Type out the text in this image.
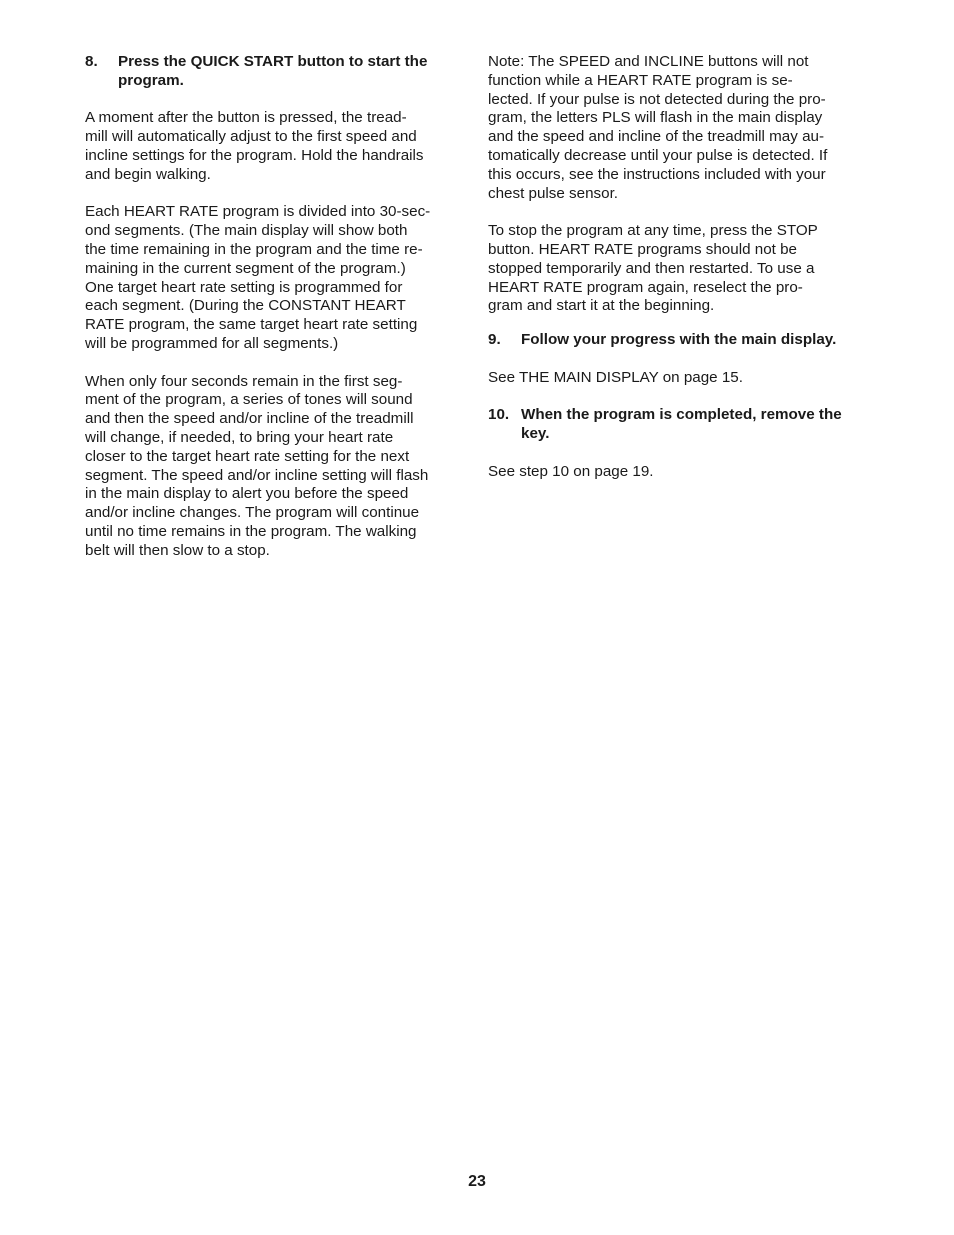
8.	Press the QUICK START button to start the
program.
A moment after the button is pressed, the tread-
mill will automatically adjust to the first speed and
incline settings for the program. Hold the handrails
and begin walking.
Each HEART RATE program is divided into 30-sec-
ond segments. (The main display will show both
the time remaining in the program and the time re-
maining in the current segment of the program.)
One target heart rate setting is programmed for
each segment. (During the CONSTANT HEART
RATE program, the same target heart rate setting
will be programmed for all segments.)
When only four seconds remain in the first seg-
ment of the program, a series of tones will sound
and then the speed and/or incline of the treadmill
will change, if needed, to bring your heart rate
closer to the target heart rate setting for the next
segment. The speed and/or incline setting will flash
in the main display to alert you before the speed
and/or incline changes. The program will continue
until no time remains in the program. The walking
belt will then slow to a stop.
Note: The SPEED and INCLINE buttons will not
function while a HEART RATE program is se-
lected. If your pulse is not detected during the pro-
gram, the letters PLS will flash in the main display
and the speed and incline of the treadmill may au-
tomatically decrease until your pulse is detected. If
this occurs, see the instructions included with your
chest pulse sensor.
To stop the program at any time, press the STOP
button. HEART RATE programs should not be
stopped temporarily and then restarted. To use a
HEART RATE program again, reselect the pro-
gram and start it at the beginning.
9.	Follow your progress with the main display.
See THE MAIN DISPLAY on page 15.
10. When the program is completed, remove the
key.
See step 10 on page 19.
23
